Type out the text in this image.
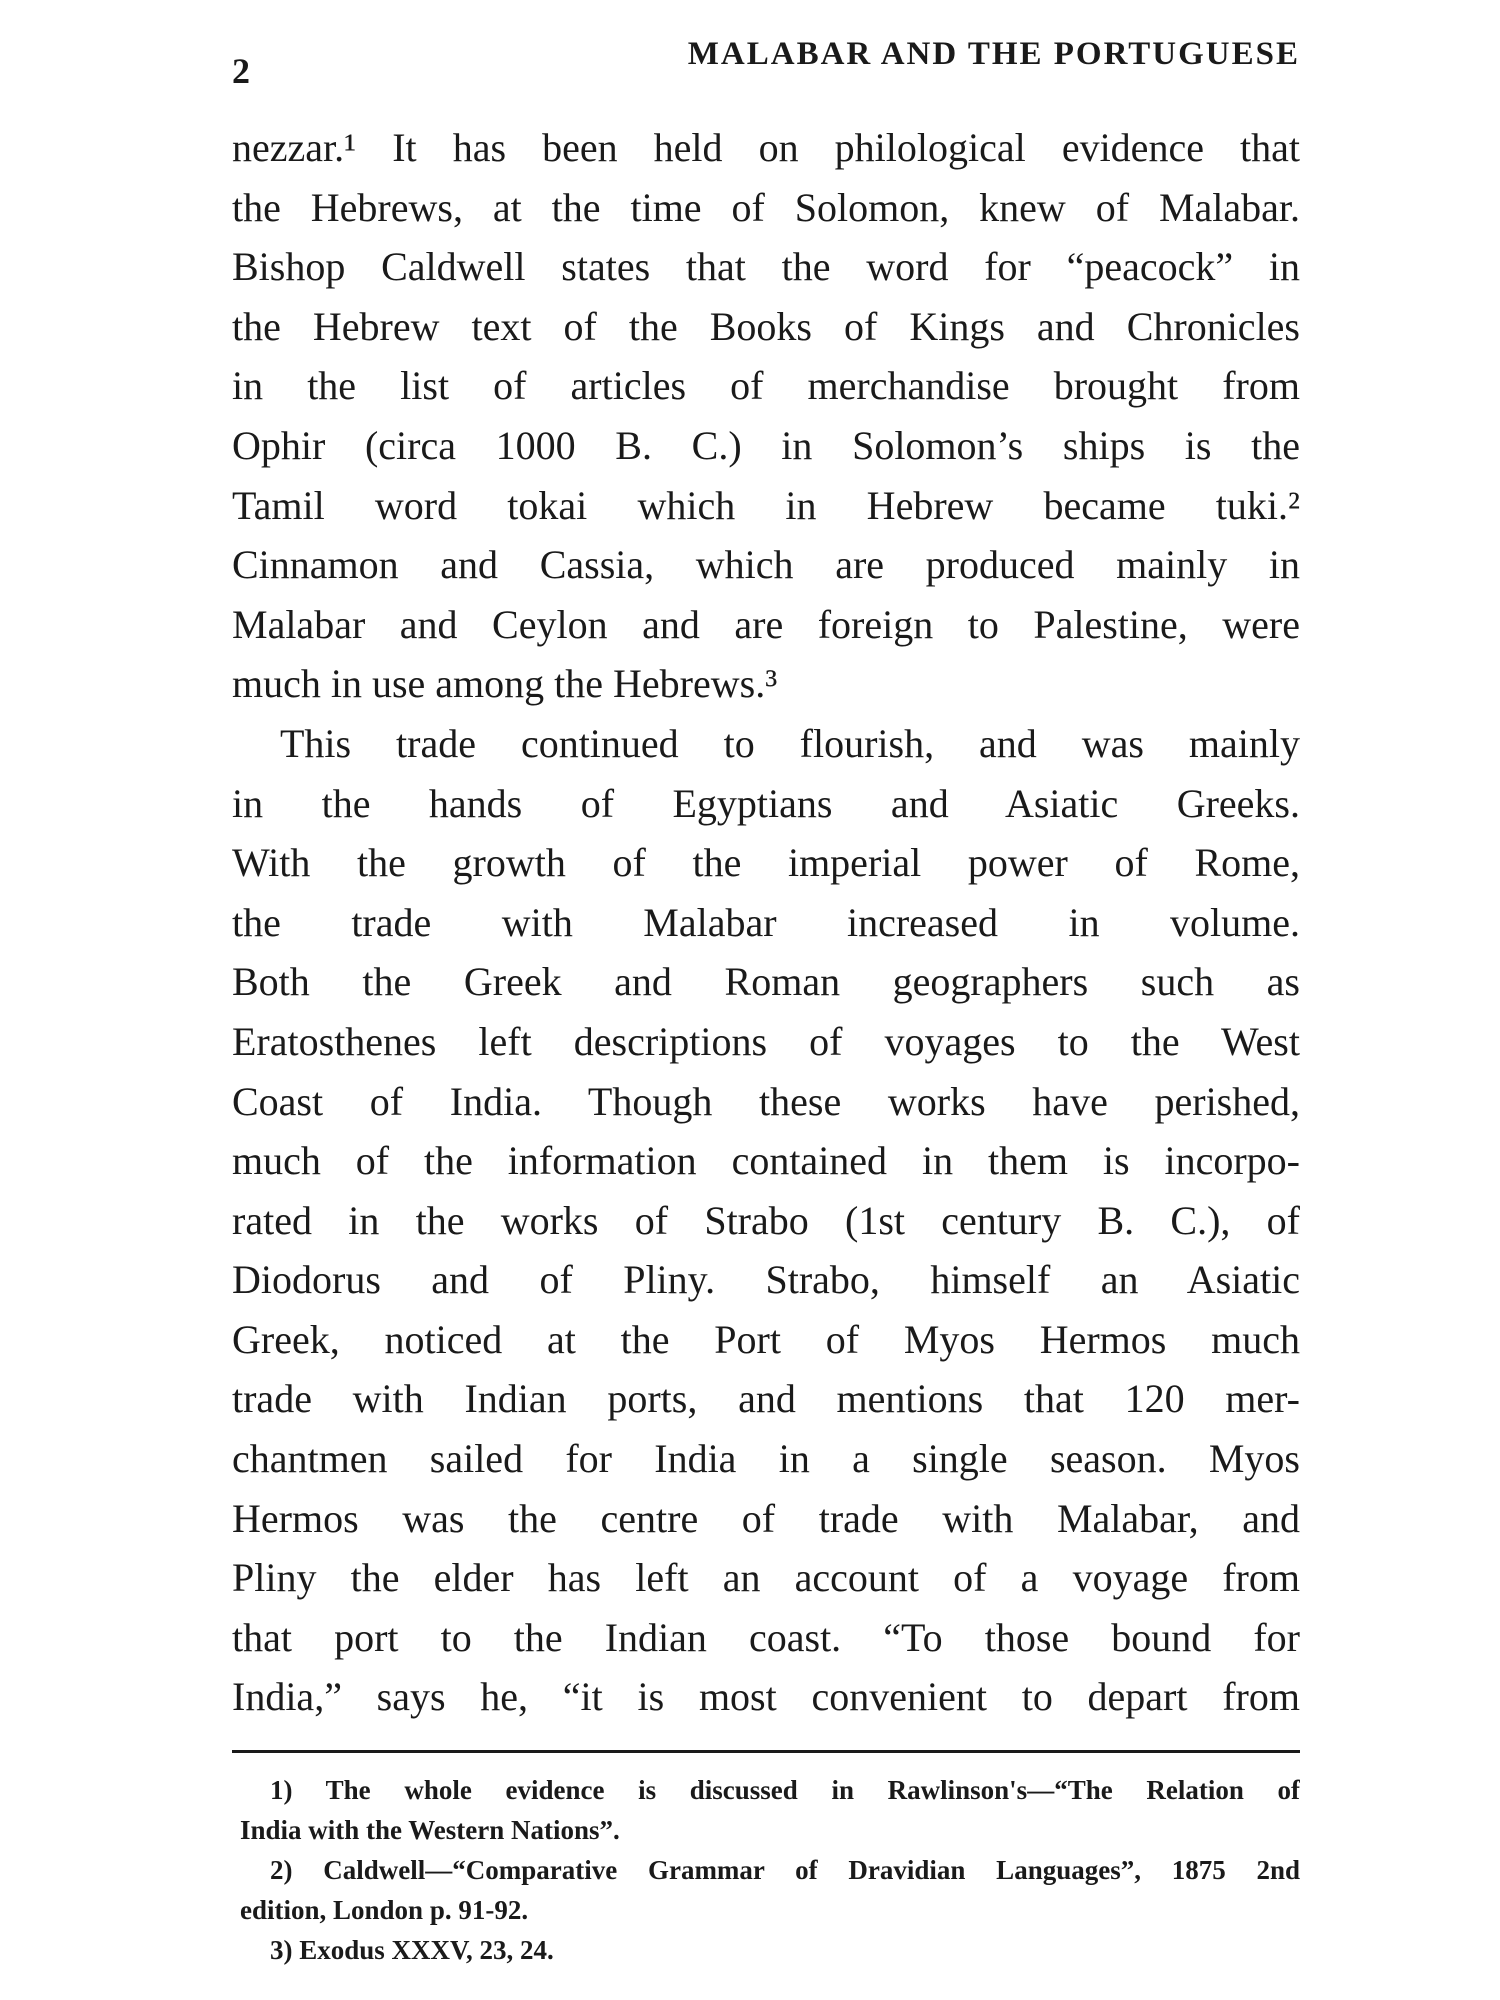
2	MALABAR AND THE PORTUGUESE
nezzar.¹ It has been held on philological evidence that
the Hebrews, at the time of Solomon, knew of Malabar.
Bishop Caldwell states that the word for “peacock” in
the Hebrew text of the Books of Kings and Chronicles
in the list of articles of merchandise brought from
Ophir (circa 1000 B. C.) in Solomon’s ships is the
Tamil word tokai which in Hebrew became tuki.²
Cinnamon and Cassia, which are produced mainly in
Malabar and Ceylon and are foreign to Palestine, were
much in use among the Hebrews.³
This trade continued to flourish, and was mainly
in the hands of Egyptians and Asiatic Greeks.
With the growth of the imperial power of Rome,
the trade with Malabar increased in volume.
Both the Greek and Roman geographers such as
Eratosthenes left descriptions of voyages to the West
Coast of India. Though these works have perished,
much of the information contained in them is incorpo-
rated in the works of Strabo (1st century B. C.), of
Diodorus and of Pliny. Strabo, himself an Asiatic
Greek, noticed at the Port of Myos Hermos much
trade with Indian ports, and mentions that 120 mer-
chantmen sailed for India in a single season. Myos
Hermos was the centre of trade with Malabar, and
Pliny the elder has left an account of a voyage from
that port to the Indian coast. “To those bound for
India,” says he, “it is most convenient to depart from
1) The whole evidence is discussed in Rawlinson's—“The Relation of
India with the Western Nations”.
2) Caldwell—“Comparative Grammar of Dravidian Languages”, 1875 2nd
edition, London p. 91-92.
3) Exodus XXXV, 23, 24.
